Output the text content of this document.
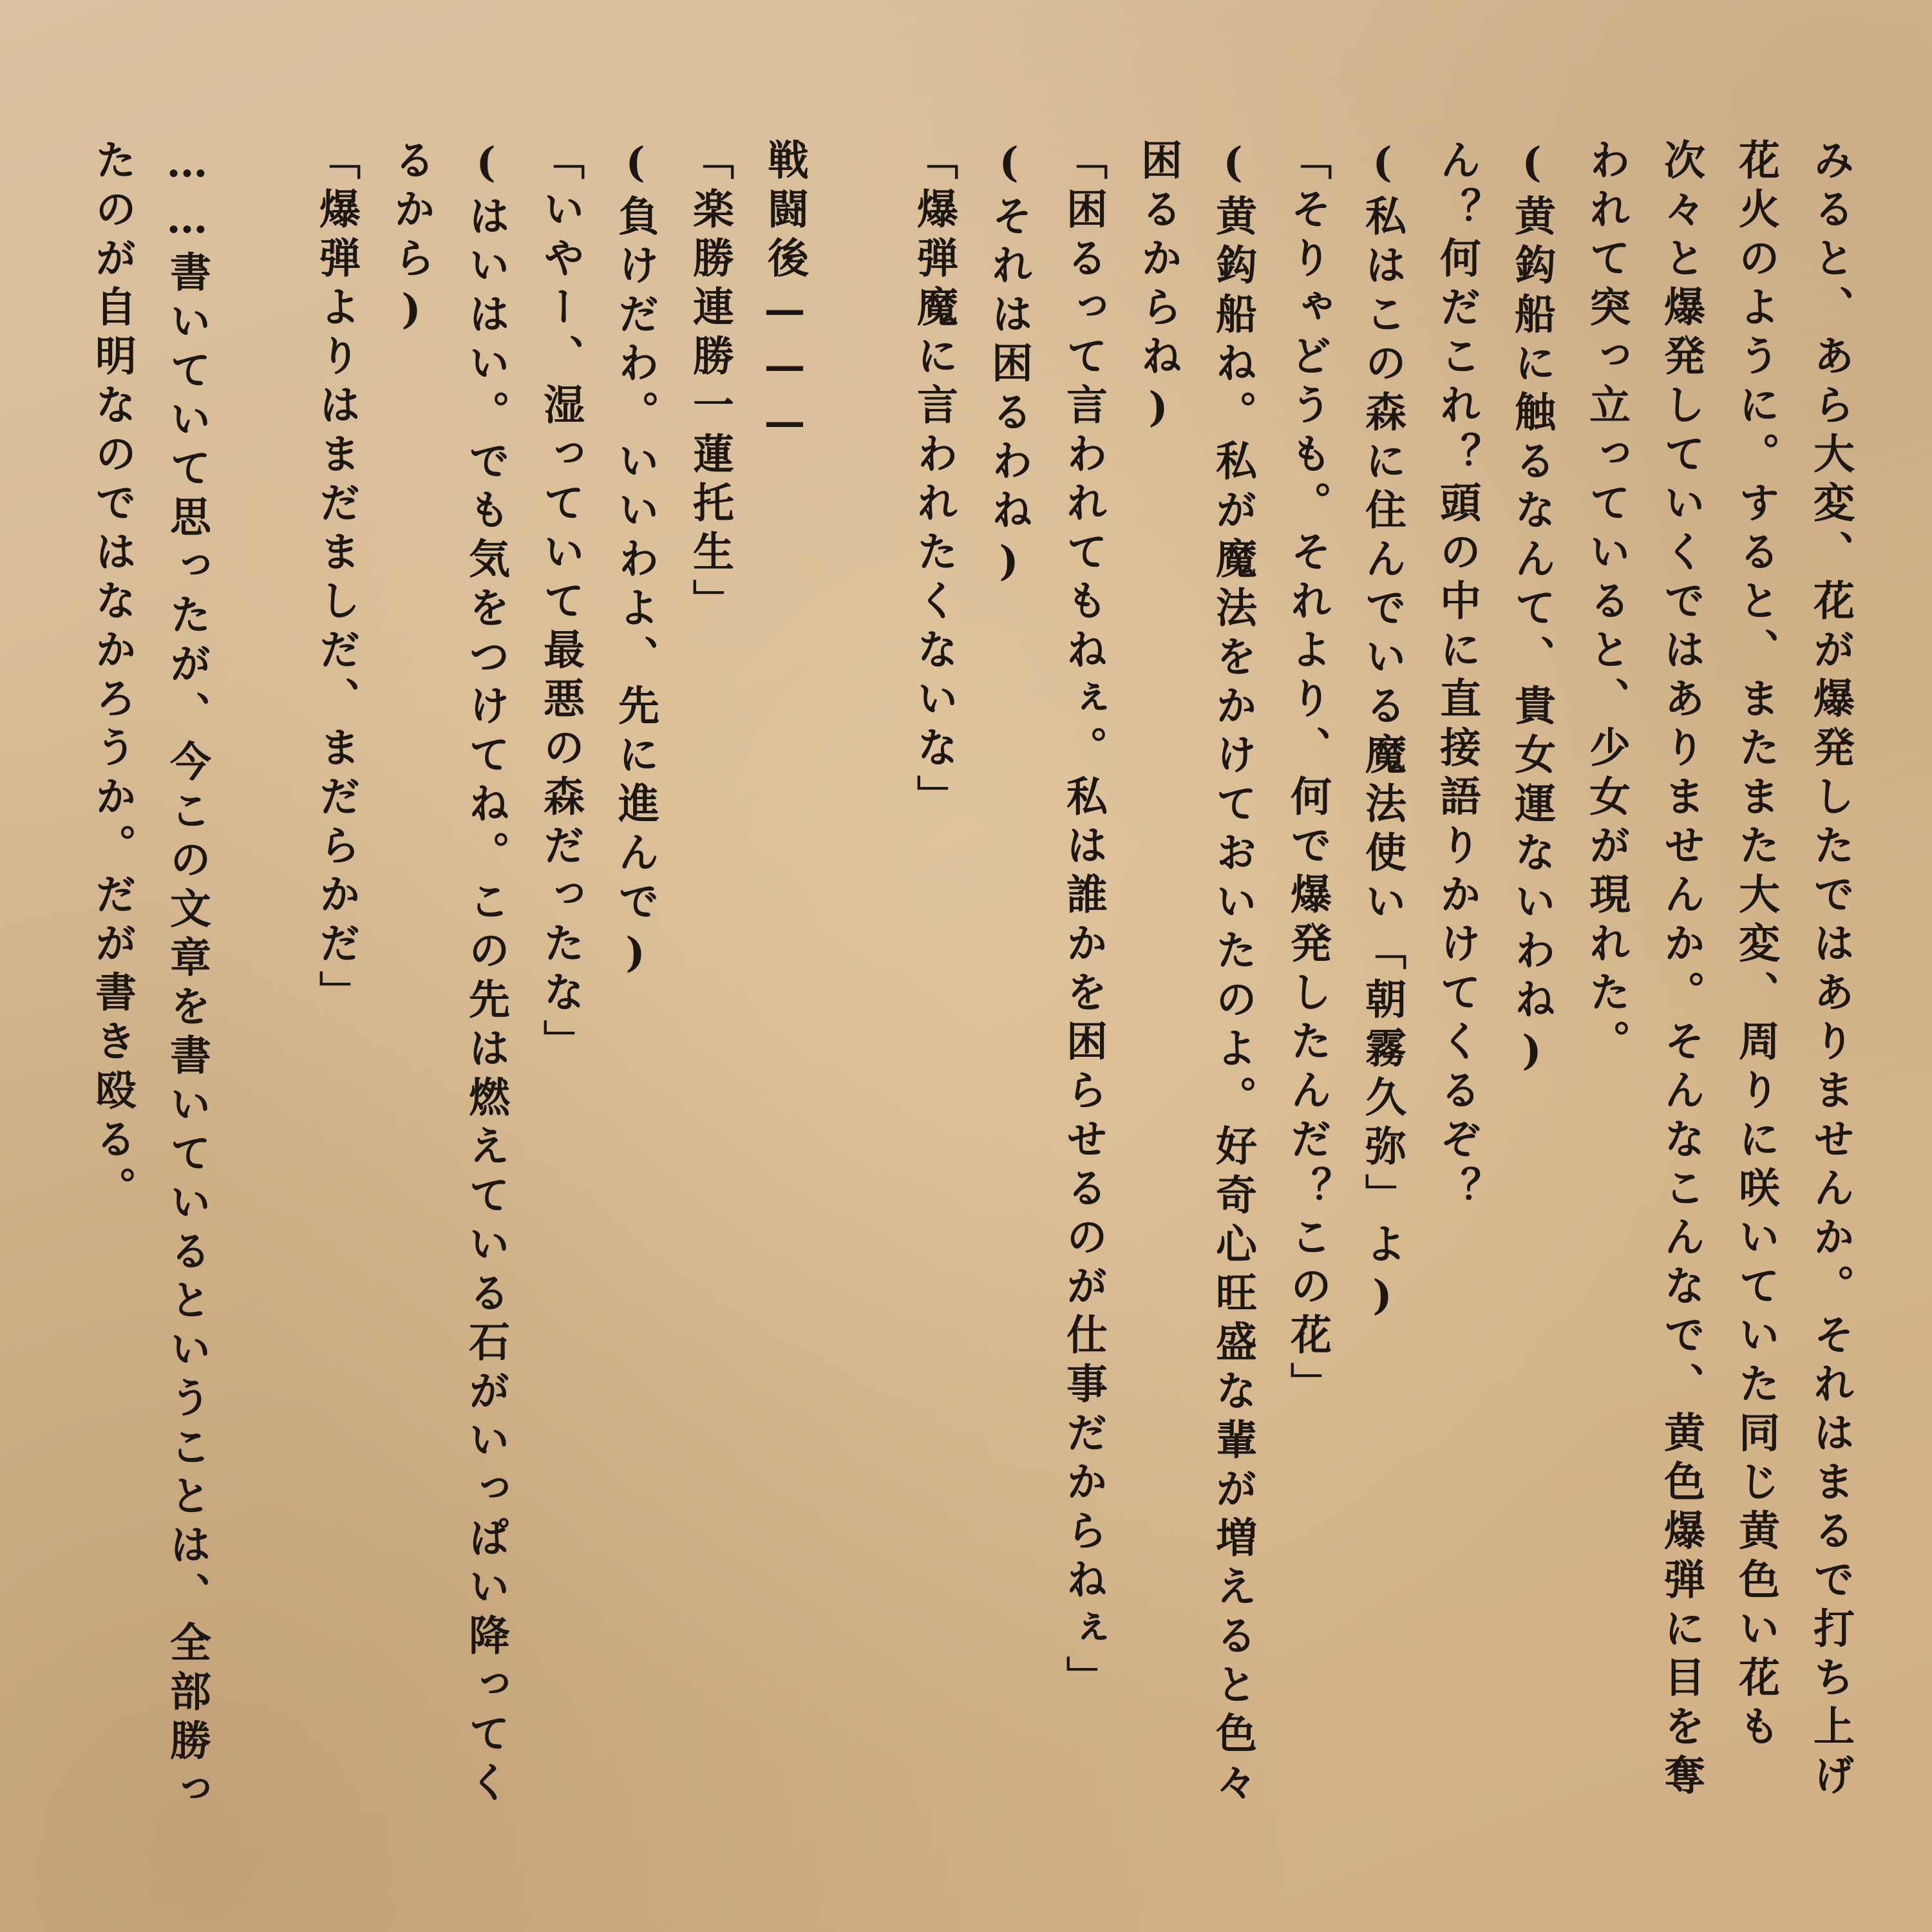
みると、あら大変、花が爆発したではありませんか。それはまるで打ち上げ花火のように。すると、またまた大変、周りに咲いていた同じ黄色い花も次々と爆発していくではありませんか。そんなこんなで、黄色爆弾に目を奪われて突っ立っていると、少女が現れた。

(黄鈎船に触るなんて、貴女運ないわね)

ん？何だこれ？頭の中に直接語りかけてくるぞ？

(私はこの森に住んでいる魔法使い「朝霧久弥」よ)

「そりゃどうも。それより、何で爆発したんだ？この花」

(黄鈎船ね。私が魔法をかけておいたのよ。好奇心旺盛な輩が増えると色々困るからね)

「困るって言われてもねぇ。私は誰かを困らせるのが仕事だからねぇ」

(それは困るわね)

「爆弾魔に言われたくないな」

戦闘後———

「楽勝連勝一蓮托生」

(負けだわ。いいわよ、先に進んで)

「いやー、湿っていて最悪の森だったな」

(はいはい。でも気をつけてね。この先は燃えている石がいっぱい降ってくるから)

「爆弾よりはまだましだ、まだらかだ」

……書いていて思ったが、今この文章を書いているということは、全部勝ったのが自明なのではなかろうか。だが書き殴る。
